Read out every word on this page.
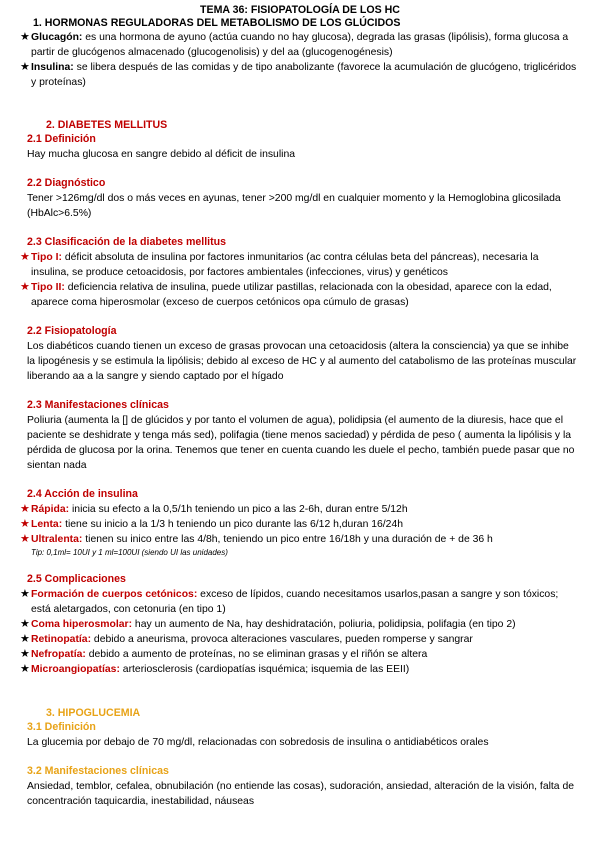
TEMA 36: FISIOPATOLOGÍA DE LOS HC
1. HORMONAS REGULADORAS DEL METABOLISMO DE LOS GLÚCIDOS
★ Glucagón: es una hormona de ayuno (actúa cuando no hay glucosa), degrada las grasas (lipólisis), forma glucosa a partir de glucógenos almacenado (glucogenolisis) y del aa (glucogenogénesis)
★ Insulina: se libera después de las comidas y de tipo anabolizante (favorece la acumulación de glucógeno, triglicéridos y proteínas)
2. DIABETES MELLITUS
2.1 Definición
Hay mucha glucosa en sangre debido al déficit de insulina
2.2 Diagnóstico
Tener >126mg/dl dos o más veces en ayunas, tener >200 mg/dl en cualquier momento y la Hemoglobina glicosilada (HbAlc>6.5%)
2.3 Clasificación de la diabetes mellitus
★ Tipo I: déficit absoluta de insulina por factores inmunitarios (ac contra células beta del páncreas), necesaria la insulina, se produce cetoacidosis, por factores ambientales (infecciones, virus) y genéticos
★ Tipo II: deficiencia relativa de insulina, puede utilizar pastillas, relacionada con la obesidad, aparece con la edad, aparece coma hiperosmolar (exceso de cuerpos cetónicos opa cúmulo de grasas)
2.2 Fisiopatología
Los diabéticos cuando tienen un exceso de grasas provocan una cetoacidosis (altera la consciencia) ya que se inhibe la lipogénesis y se estimula la lipólisis; debido al exceso de HC y al aumento del catabolismo de las proteínas muscular liberando aa a la sangre y siendo captado por el hígado
2.3 Manifestaciones clínicas
Poliuria (aumenta la [] de glúcidos y por tanto el volumen de agua), polidipsia (el aumento de la diuresis, hace que el paciente se deshidrate y tenga más sed), polifagia (tiene menos saciedad) y pérdida de peso ( aumenta la lipólisis y la pérdida de glucosa por la orina. Tenemos que tener en cuenta cuando les duele el pecho, también puede pasar que no sientan nada
2.4 Acción de insulina
★ Rápida: inicia su efecto a la 0,5/1h teniendo un pico a las 2-6h, duran entre 5/12h
★ Lenta: tiene su inicio a la 1/3 h teniendo un pico durante las 6/12 h,duran 16/24h
★ Ultralenta: tienen su inico entre las 4/8h, teniendo un pico entre 16/18h y una duración de + de 36 h
Tip: 0,1ml= 10UI y 1 ml=100UI (siendo UI las unidades)
2.5 Complicaciones
★ Formación de cuerpos cetónicos: exceso de lípidos, cuando necesitamos usarlos,pasan a sangre y son tóxicos; está aletargados, con cetonuria (en tipo 1)
★ Coma hiperosmolar: hay un aumento de Na, hay deshidratación, poliuria, polidipsia, polifagia (en tipo 2)
★ Retinopatía: debido a aneurisma, provoca alteraciones vasculares, pueden romperse y sangrar
★ Nefropatía: debido a aumento de proteínas, no se eliminan grasas y el riñón se altera
★ Microangiopatías: arteriosclerosis (cardiopatías isquémica; isquemia de las EEII)
3. HIPOGLUCEMIA
3.1 Definición
La glucemia por debajo de 70 mg/dl, relacionadas con sobredosis de insulina o antidiabéticos orales
3.2 Manifestaciones clínicas
Ansiedad, temblor, cefalea, obnubilación (no entiende las cosas), sudoración, ansiedad, alteración de la visión, falta de concentración taquicardia, inestabilidad, náuseas
